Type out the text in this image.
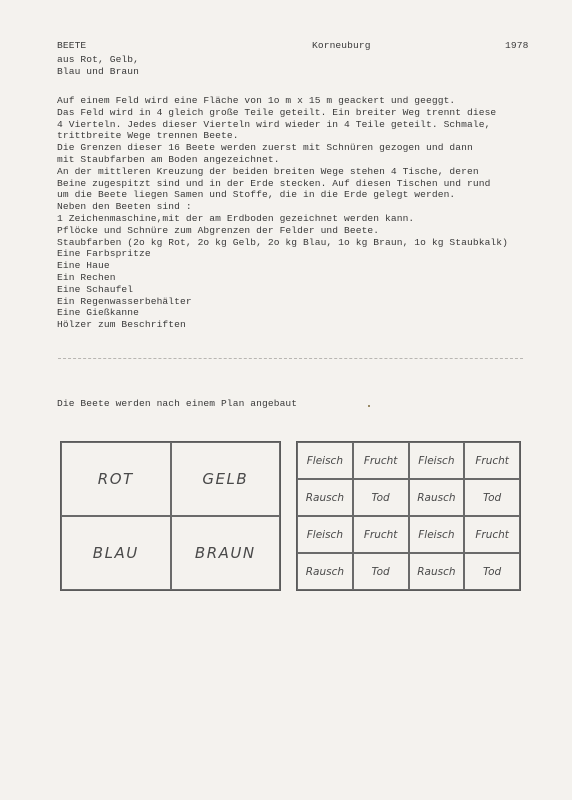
BEETE	Korneuburg	1978
aus Rot, Gelb,
Blau und Braun
Auf einem Feld wird eine Fläche von 1o m x 15 m geackert und geeggt.
Das Feld wird in 4 gleich große Teile geteilt. Ein breiter Weg trennt diese
4 Vierteln. Jedes dieser Vierteln wird wieder in 4 Teile geteilt. Schmale,
trittbreite Wege trennen Beete.
Die Grenzen dieser 16 Beete werden zuerst mit Schnüren gezogen und dann
mit Staubfarben am Boden angezeichnet.
An der mittleren Kreuzung der beiden breiten Wege stehen 4 Tische, deren
Beine zugespitzt sind und in der Erde stecken. Auf diesen Tischen und rund
um die Beete liegen Samen und Stoffe, die in die Erde gelegt werden.
Neben den Beeten sind :
1 Zeichenmaschine,mit der am Erdboden gezeichnet werden kann.
Pflöcke und Schnüre zum Abgrenzen der Felder und Beete.
Staubfarben (2o kg Rot, 2o kg Gelb, 2o kg Blau, 1o kg Braun, 1o kg Staubkalk)
Eine Farbspritze
Eine Haue
Ein Rechen
Eine Schaufel
Ein Regenwasserbehälter
Eine Gießkanne
Hölzer zum Beschriften
Die Beete werden nach einem Plan angebaut
ROT	GELB
BLAU	BRAUN
Fleisch	Frucht	Fleisch	Frucht
Rausch	Tod	Rausch	Tod
Fleisch	Frucht	Fleisch	Frucht
Rausch	Tod	Rausch	Tod
